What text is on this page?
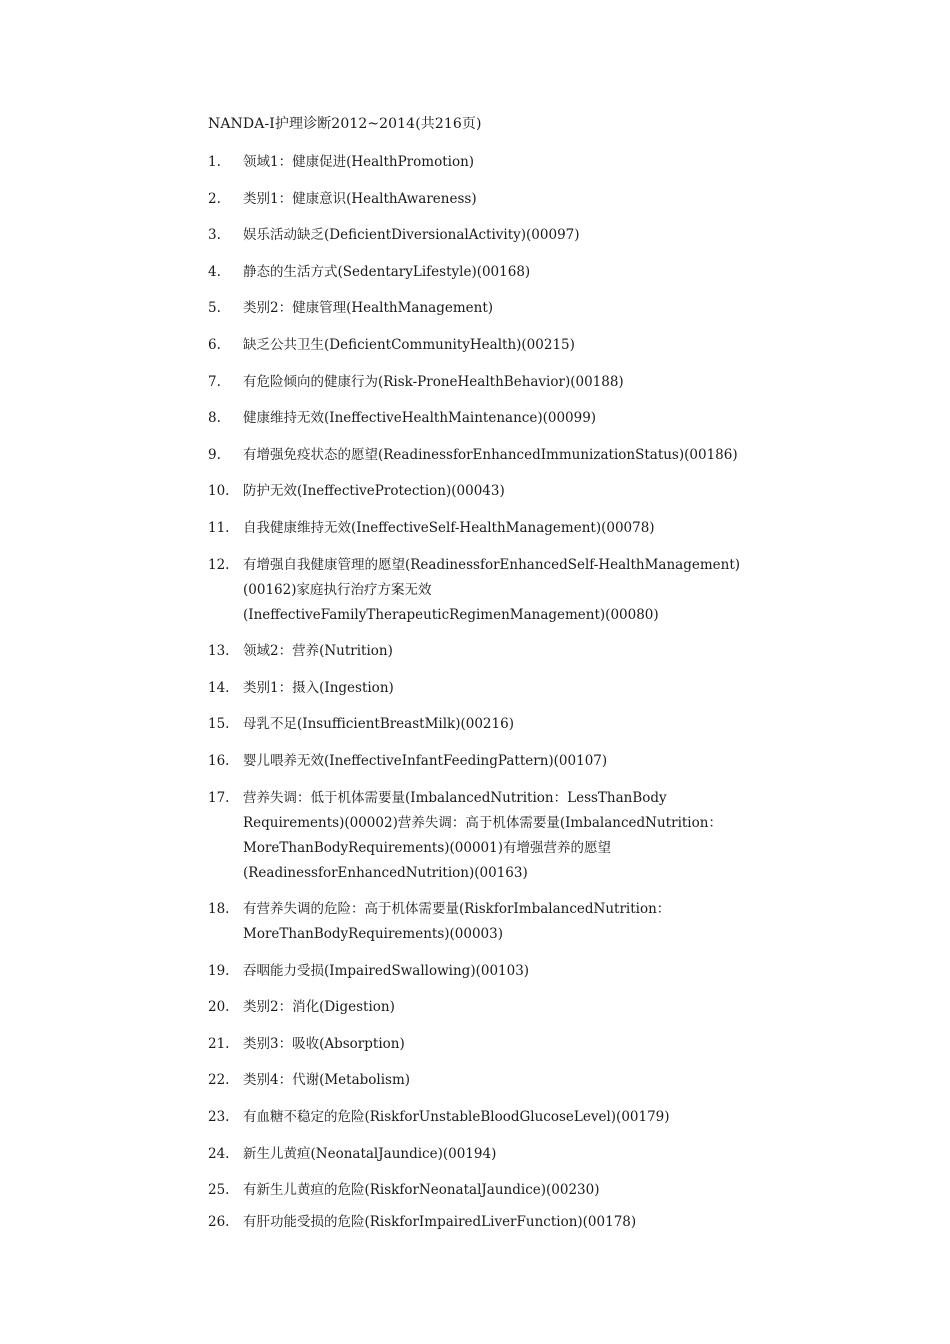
NANDA-I护理诊断2012~2014(共216页)
1.	领域1：健康促进(HealthPromotion)
2.	类别1：健康意识(HealthAwareness)
3.	娱乐活动缺乏(DeficientDiversionalActivity)(00097)
4.	静态的生活方式(SedentaryLifestyle)(00168)
5.	类别2：健康管理(HealthManagement)
6.	缺乏公共卫生(DeficientCommunityHealth)(00215)
7.	有危险倾向的健康行为(Risk-ProneHealthBehavior)(00188)
8.	健康维持无效(IneffectiveHealthMaintenance)(00099)
9.	有增强免疫状态的愿望(ReadinessforEnhancedImmunizationStatus)(00186)
10.	防护无效(IneffectiveProtection)(00043)
11.	自我健康维持无效(IneffectiveSelf-HealthManagement)(00078)
12.	有增强自我健康管理的愿望(ReadinessforEnhancedSelf-HealthManagement)
(00162)家庭执行治疗方案无效
(IneffectiveFamilyTherapeuticRegimenManagement)(00080)
13.	领域2：营养(Nutrition)
14.	类别1：摄入(Ingestion)
15.	母乳不足(InsufficientBreastMilk)(00216)
16.	婴儿喂养无效(IneffectiveInfantFeedingPattern)(00107)
17.	营养失调：低于机体需要量(ImbalancedNutrition：LessThanBody
Requirements)(00002)营养失调：高于机体需要量(ImbalancedNutrition：
MoreThanBodyRequirements)(00001)有增强营养的愿望
(ReadinessforEnhancedNutrition)(00163)
18.	有营养失调的危险：高于机体需要量(RiskforImbalancedNutrition：
MoreThanBodyRequirements)(00003)
19.	吞咽能力受损(ImpairedSwallowing)(00103)
20.	类别2：消化(Digestion)
21.	类别3：吸收(Absorption)
22.	类别4：代谢(Metabolism)
23.	有血糖不稳定的危险(RiskforUnstableBloodGlucoseLevel)(00179)
24.	新生儿黄疸(NeonatalJaundice)(00194)
25.	有新生儿黄疸的危险(RiskforNeonatalJaundice)(00230)
26.	有肝功能受损的危险(RiskforImpairedLiverFunction)(00178)
